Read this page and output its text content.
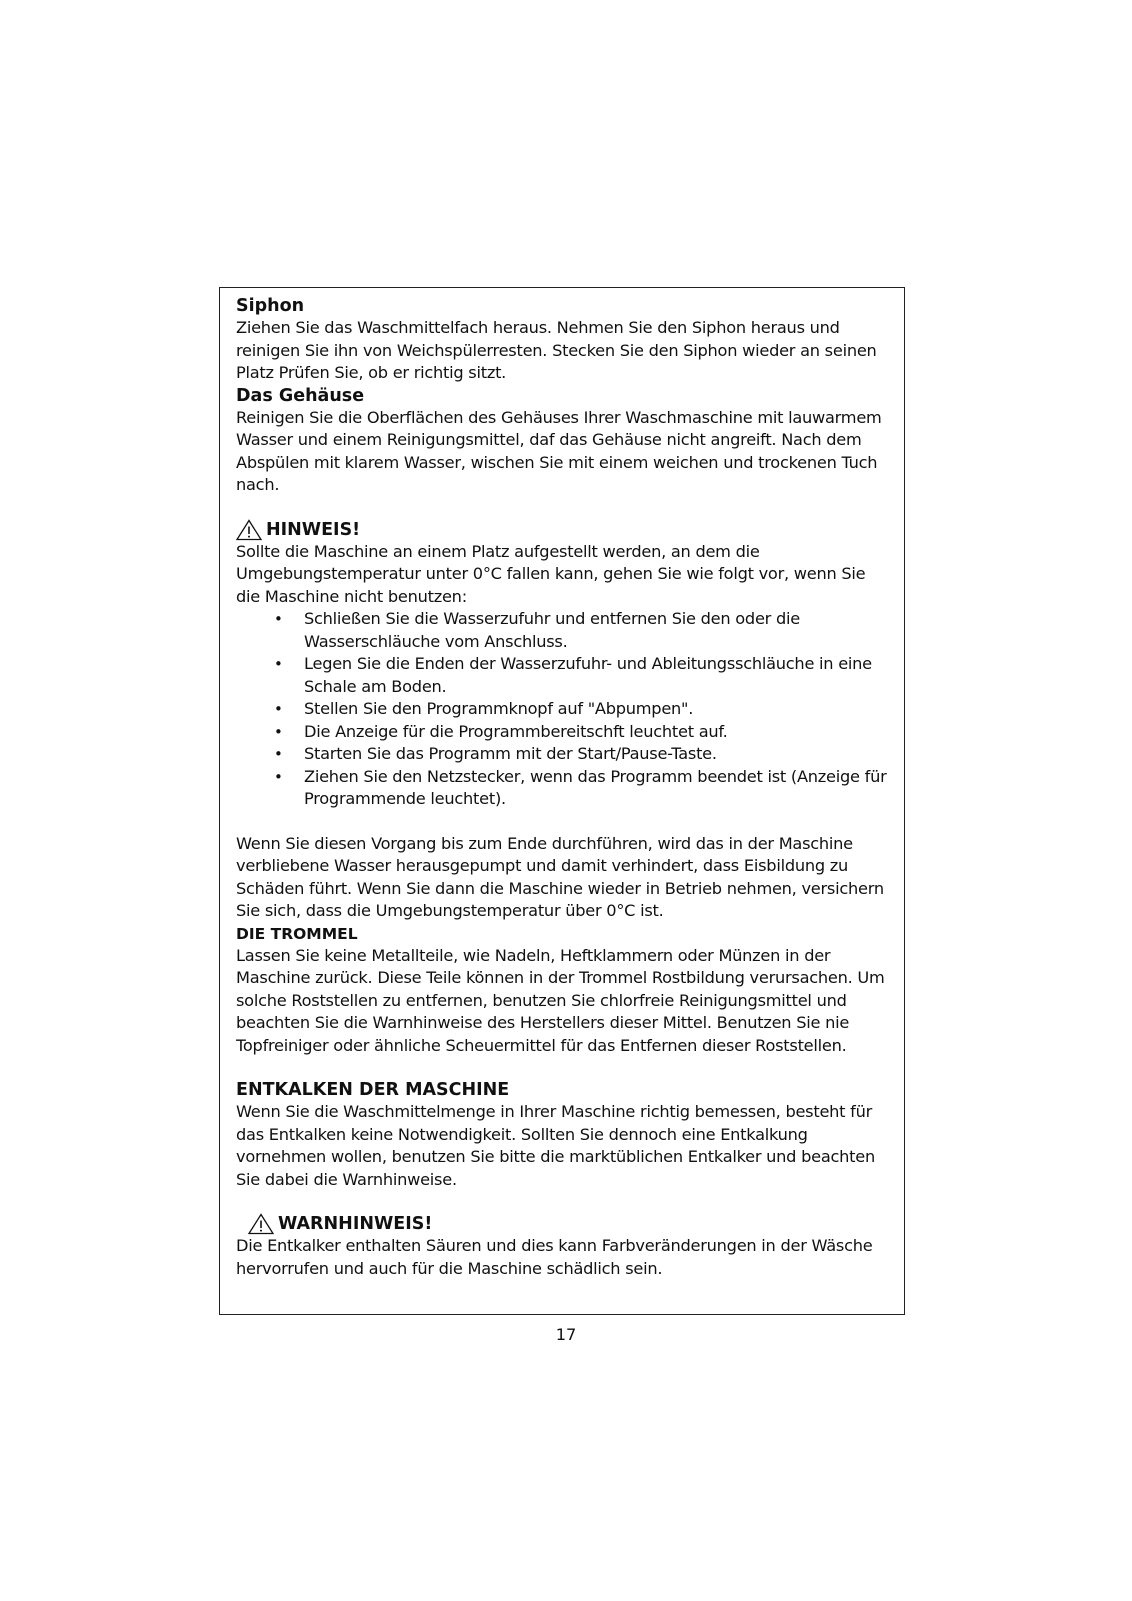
Siphon

Ziehen Sie das Waschmittelfach heraus. Nehmen Sie den Siphon heraus und reinigen Sie ihn von Weichspülerresten. Stecken Sie den Siphon wieder an seinen Platz Prüfen Sie, ob er richtig sitzt.

Das Gehäuse

Reinigen Sie die Oberflächen des Gehäuses Ihrer Waschmaschine mit lauwarmem Wasser und einem Reinigungsmittel, daf das Gehäuse nicht angreift. Nach dem Abspülen mit klarem Wasser, wischen Sie mit einem weichen und trockenen Tuch nach.

HINWEIS!

Sollte die Maschine an einem Platz aufgestellt werden, an dem die Umgebungstemperatur unter 0°C fallen kann, gehen Sie wie folgt vor, wenn Sie die Maschine nicht benutzen:

• Schließen Sie die Wasserzufuhr und entfernen Sie den oder die Wasserschläuche vom Anschluss.
• Legen Sie die Enden der Wasserzufuhr- und Ableitungsschläuche in eine Schale am Boden.
• Stellen Sie den Programmknopf auf "Abpumpen".
• Die Anzeige für die Programmbereitschft leuchtet auf.
• Starten Sie das Programm mit der Start/Pause-Taste.
• Ziehen Sie den Netzstecker, wenn das Programm beendet ist (Anzeige für Programmende leuchtet).

Wenn Sie diesen Vorgang bis zum Ende durchführen, wird das in der Maschine verbliebene Wasser herausgepumpt und damit verhindert, dass Eisbildung zu Schäden führt. Wenn Sie dann die Maschine wieder in Betrieb nehmen, versichern Sie sich, dass die Umgebungstemperatur über 0°C ist.

DIE TROMMEL

Lassen Sie keine Metallteile, wie Nadeln, Heftklammern oder Münzen in der Maschine zurück. Diese Teile können in der Trommel Rostbildung verursachen. Um solche Roststellen zu entfernen, benutzen Sie chlorfreie Reinigungsmittel und beachten Sie die Warnhinweise des Herstellers dieser Mittel. Benutzen Sie nie Topfreiniger oder ähnliche Scheuermittel für das Entfernen dieser Roststellen.

ENTKALKEN DER MASCHINE

Wenn Sie die Waschmittelmenge in Ihrer Maschine richtig bemessen, besteht für das Entkalken keine Notwendigkeit. Sollten Sie dennoch eine Entkalkung vornehmen wollen, benutzen Sie bitte die marktüblichen Entkalker und beachten Sie dabei die Warnhinweise.

WARNHINWEIS!

Die Entkalker enthalten Säuren und dies kann Farbveränderungen in der Wäsche hervorrufen und auch für die Maschine schädlich sein.

17
